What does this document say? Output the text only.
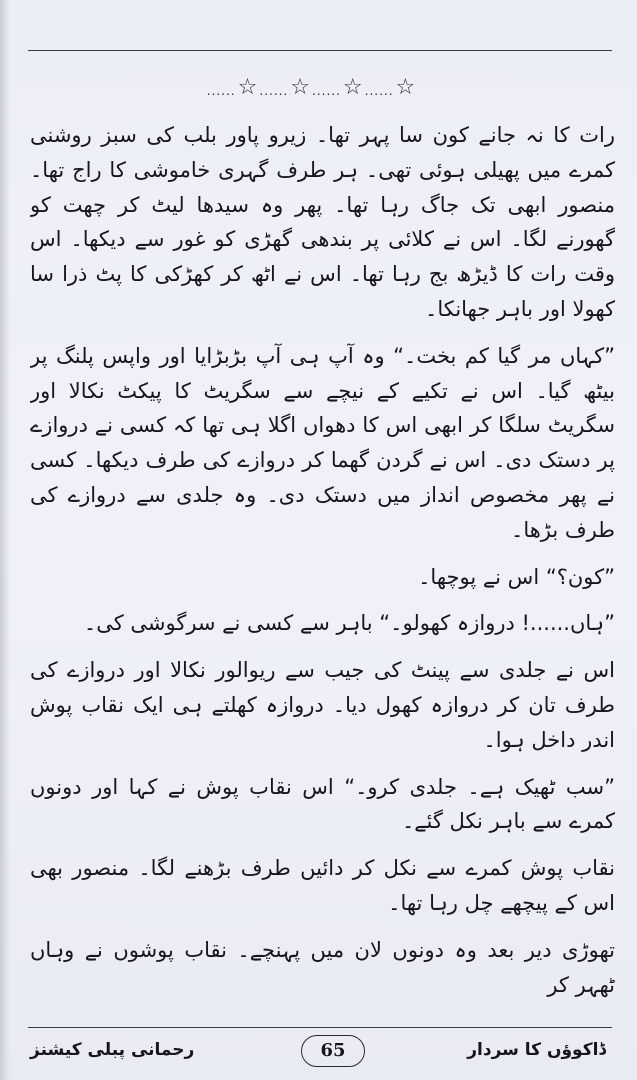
...... ☆ ...... ☆ ...... ☆ ...... ☆

رات کا نہ جانے کون سا پہر تھا۔ زیرو پاور بلب کی سبز روشنی کمرے میں پھیلی ہوئی تھی۔ ہر طرف گہری خاموشی کا راج تھا۔ منصور ابھی تک جاگ رہا تھا۔ پھر وہ سیدھا لیٹ کر چھت کو گھورنے لگا۔ اس نے کلائی پر بندھی گھڑی کو غور سے دیکھا۔ اس وقت رات کا ڈیڑھ بج رہا تھا۔ اس نے اٹھ کر کھڑکی کا پٹ ذرا سا کھولا اور باہر جھانکا۔

”کہاں مر گیا کم بخت۔“ وہ آپ ہی آپ بڑبڑایا اور واپس پلنگ پر بیٹھ گیا۔ اس نے تکیے کے نیچے سے سگریٹ کا پیکٹ نکالا اور سگریٹ سلگا کر ابھی اس کا دھواں اگلا ہی تھا کہ کسی نے دروازے پر دستک دی۔ اس نے گردن گھما کر دروازے کی طرف دیکھا۔ کسی نے پھر مخصوص انداز میں دستک دی۔ وہ جلدی سے دروازے کی طرف بڑھا۔

”کون؟“ اس نے پوچھا۔

”ہاں......! دروازہ کھولو۔“ باہر سے کسی نے سرگوشی کی۔

اس نے جلدی سے پینٹ کی جیب سے ریوالور نکالا اور دروازے کی طرف تان کر دروازہ کھول دیا۔ دروازہ کھلتے ہی ایک نقاب پوش اندر داخل ہوا۔

”سب ٹھیک ہے۔ جلدی کرو۔“ اس نقاب پوش نے کہا اور دونوں کمرے سے باہر نکل گئے۔

نقاب پوش کمرے سے نکل کر دائیں طرف بڑھنے لگا۔ منصور بھی اس کے پیچھے چل رہا تھا۔

تھوڑی دیر بعد وہ دونوں لان میں پہنچے۔ نقاب پوشوں نے وہاں ٹھہر کر

رحمانی پبلی کیشنز	65	ڈاکوؤں کا سردار
